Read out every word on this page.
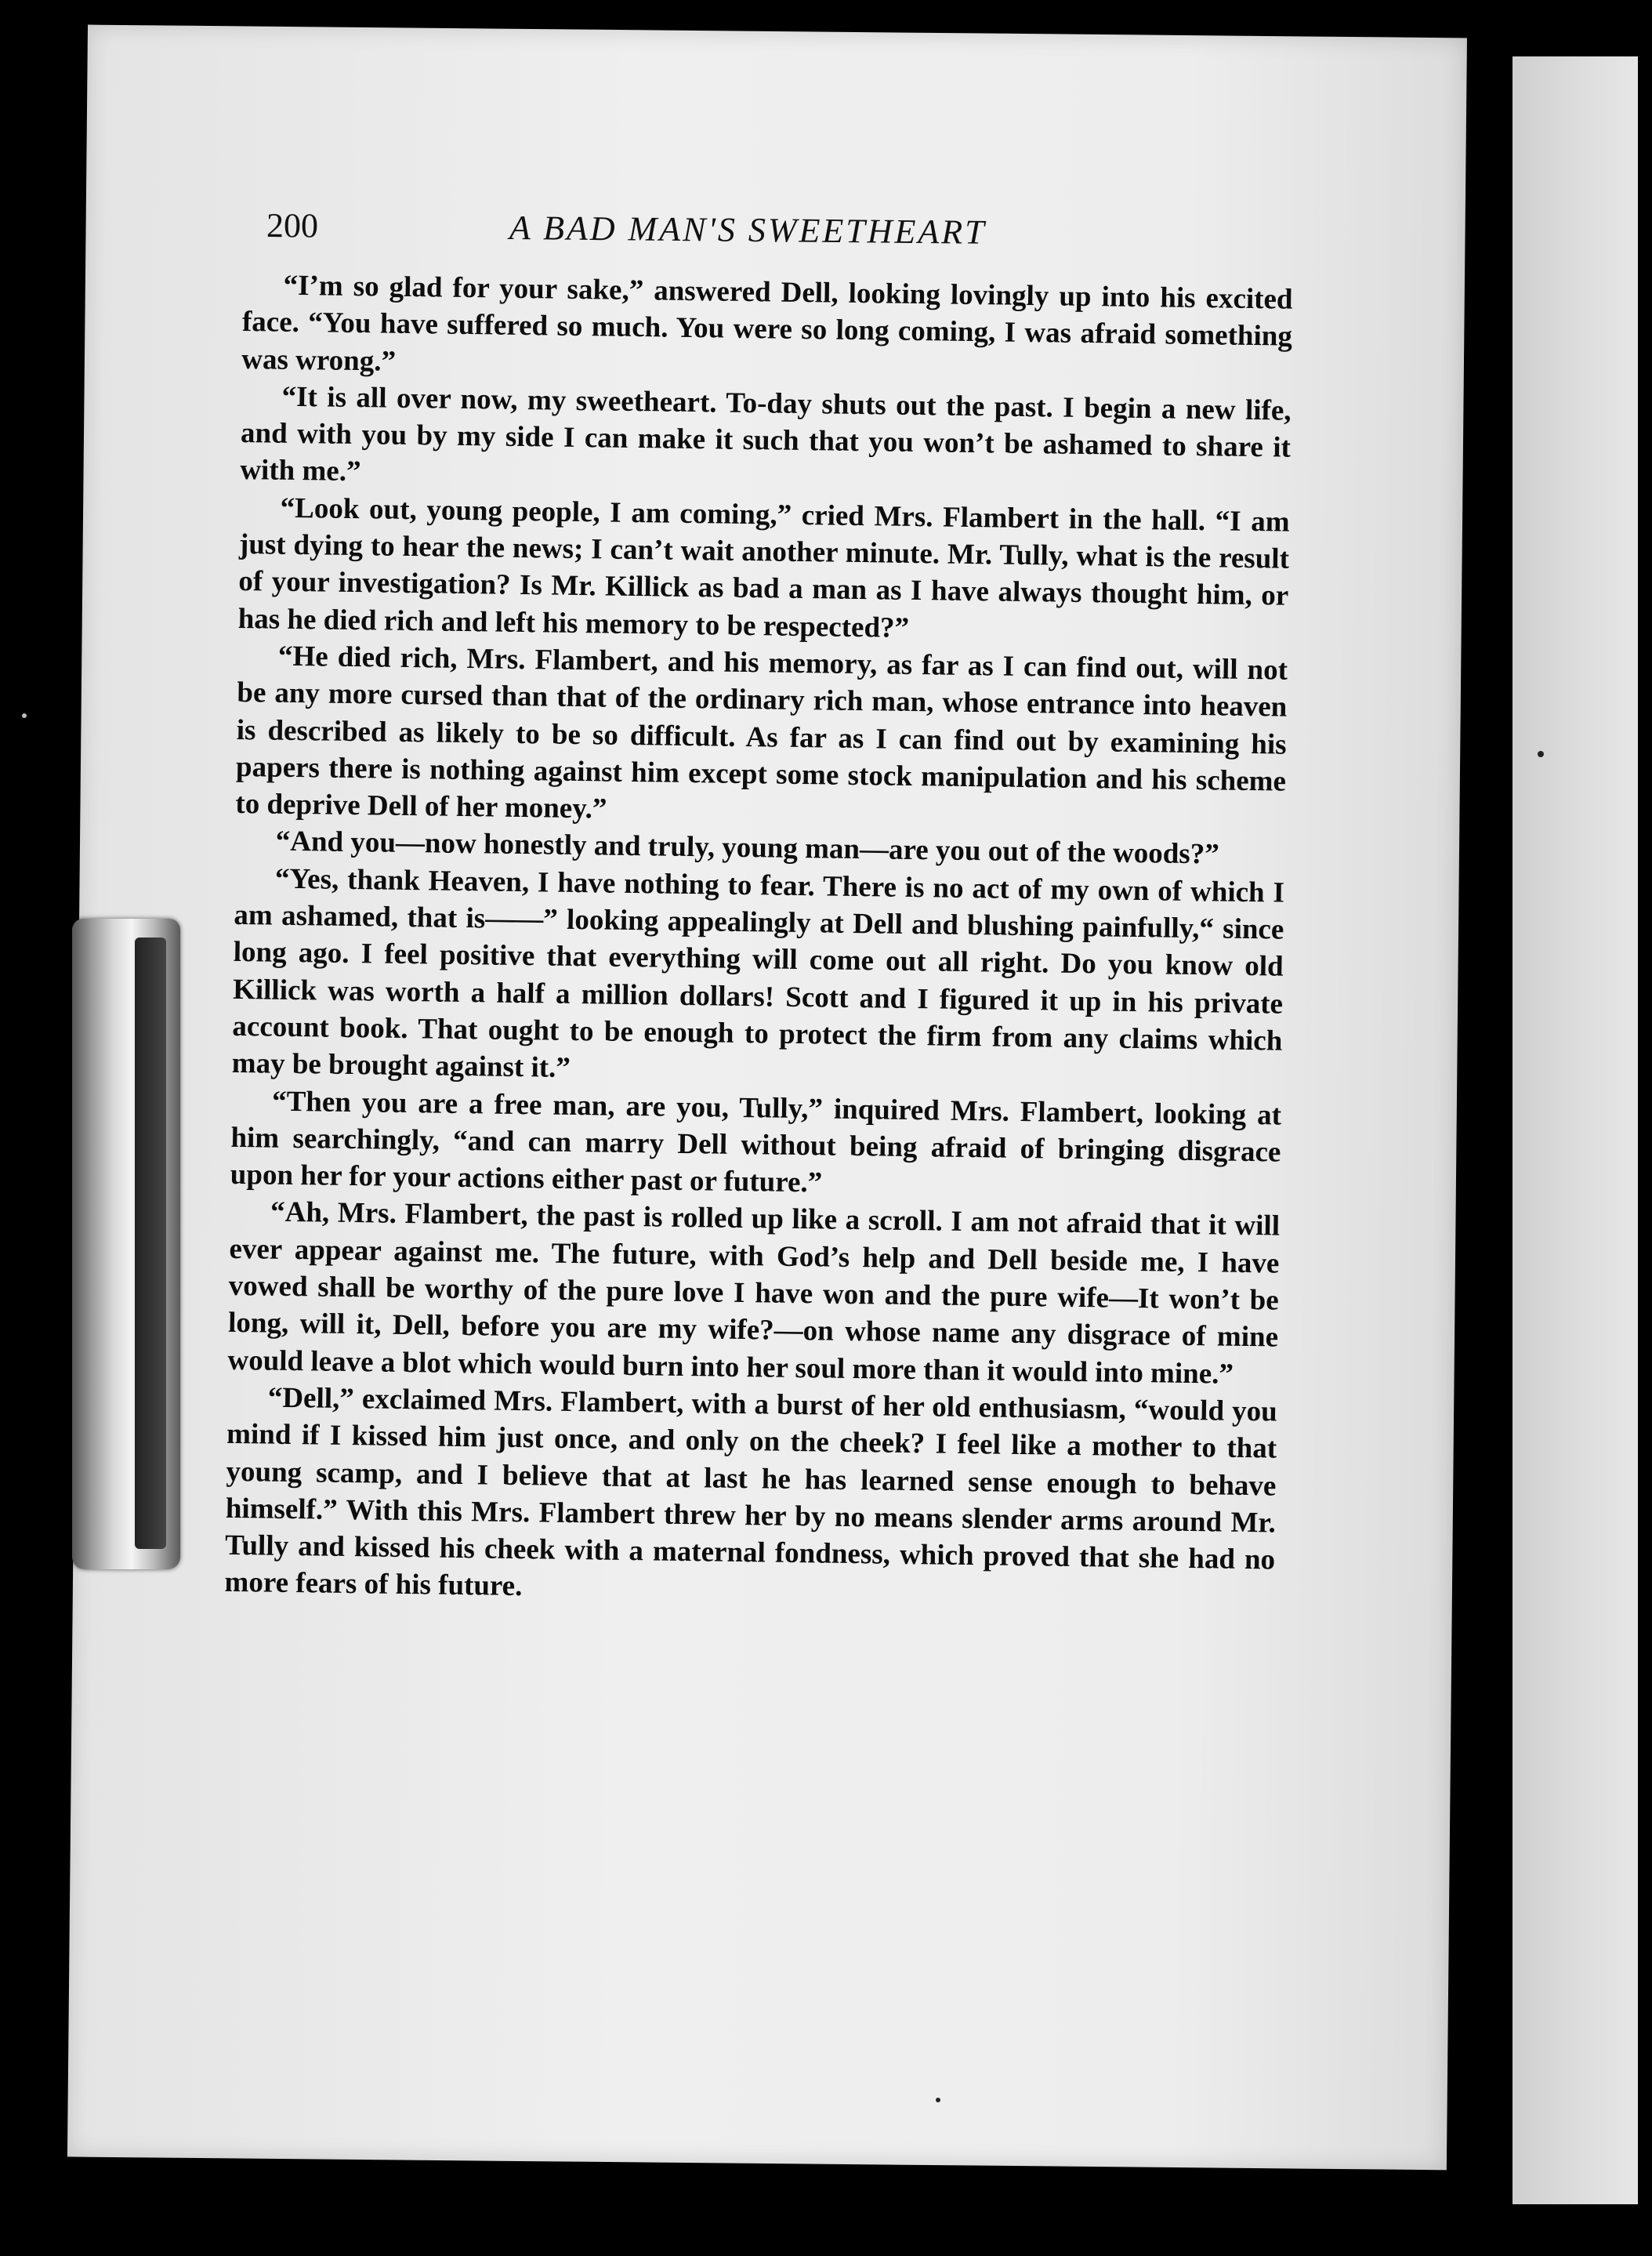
200	A BAD MAN'S SWEETHEART

“I’m so glad for your sake,” answered Dell, looking lovingly up into his excited face. “You have suffered so much. You were so long coming, I was afraid something was wrong.”

“It is all over now, my sweetheart. To-day shuts out the past. I begin a new life, and with you by my side I can make it such that you won’t be ashamed to share it with me.”

“Look out, young people, I am coming,” cried Mrs. Flambert in the hall. “I am just dying to hear the news; I can’t wait another minute. Mr. Tully, what is the result of your investigation? Is Mr. Killick as bad a man as I have always thought him, or has he died rich and left his memory to be respected?”

“He died rich, Mrs. Flambert, and his memory, as far as I can find out, will not be any more cursed than that of the ordinary rich man, whose entrance into heaven is described as likely to be so difficult. As far as I can find out by examining his papers there is nothing against him except some stock manipulation and his scheme to deprive Dell of her money.”

“And you—now honestly and truly, young man—are you out of the woods?”

“Yes, thank Heaven, I have nothing to fear. There is no act of my own of which I am ashamed, that is——” looking appealingly at Dell and blushing painfully,“ since long ago. I feel positive that everything will come out all right. Do you know old Killick was worth a half a million dollars! Scott and I figured it up in his private account book. That ought to be enough to protect the firm from any claims which may be brought against it.”

“Then you are a free man, are you, Tully,” inquired Mrs. Flambert, looking at him searchingly, “and can marry Dell without being afraid of bringing disgrace upon her for your actions either past or future.”

“Ah, Mrs. Flambert, the past is rolled up like a scroll. I am not afraid that it will ever appear against me. The future, with God’s help and Dell beside me, I have vowed shall be worthy of the pure love I have won and the pure wife—It won’t be long, will it, Dell, before you are my wife?—on whose name any disgrace of mine would leave a blot which would burn into her soul more than it would into mine.”

“Dell,” exclaimed Mrs. Flambert, with a burst of her old enthusiasm, “would you mind if I kissed him just once, and only on the cheek? I feel like a mother to that young scamp, and I believe that at last he has learned sense enough to behave himself.” With this Mrs. Flambert threw her by no means slender arms around Mr. Tully and kissed his cheek with a maternal fondness, which proved that she had no more fears of his future.
